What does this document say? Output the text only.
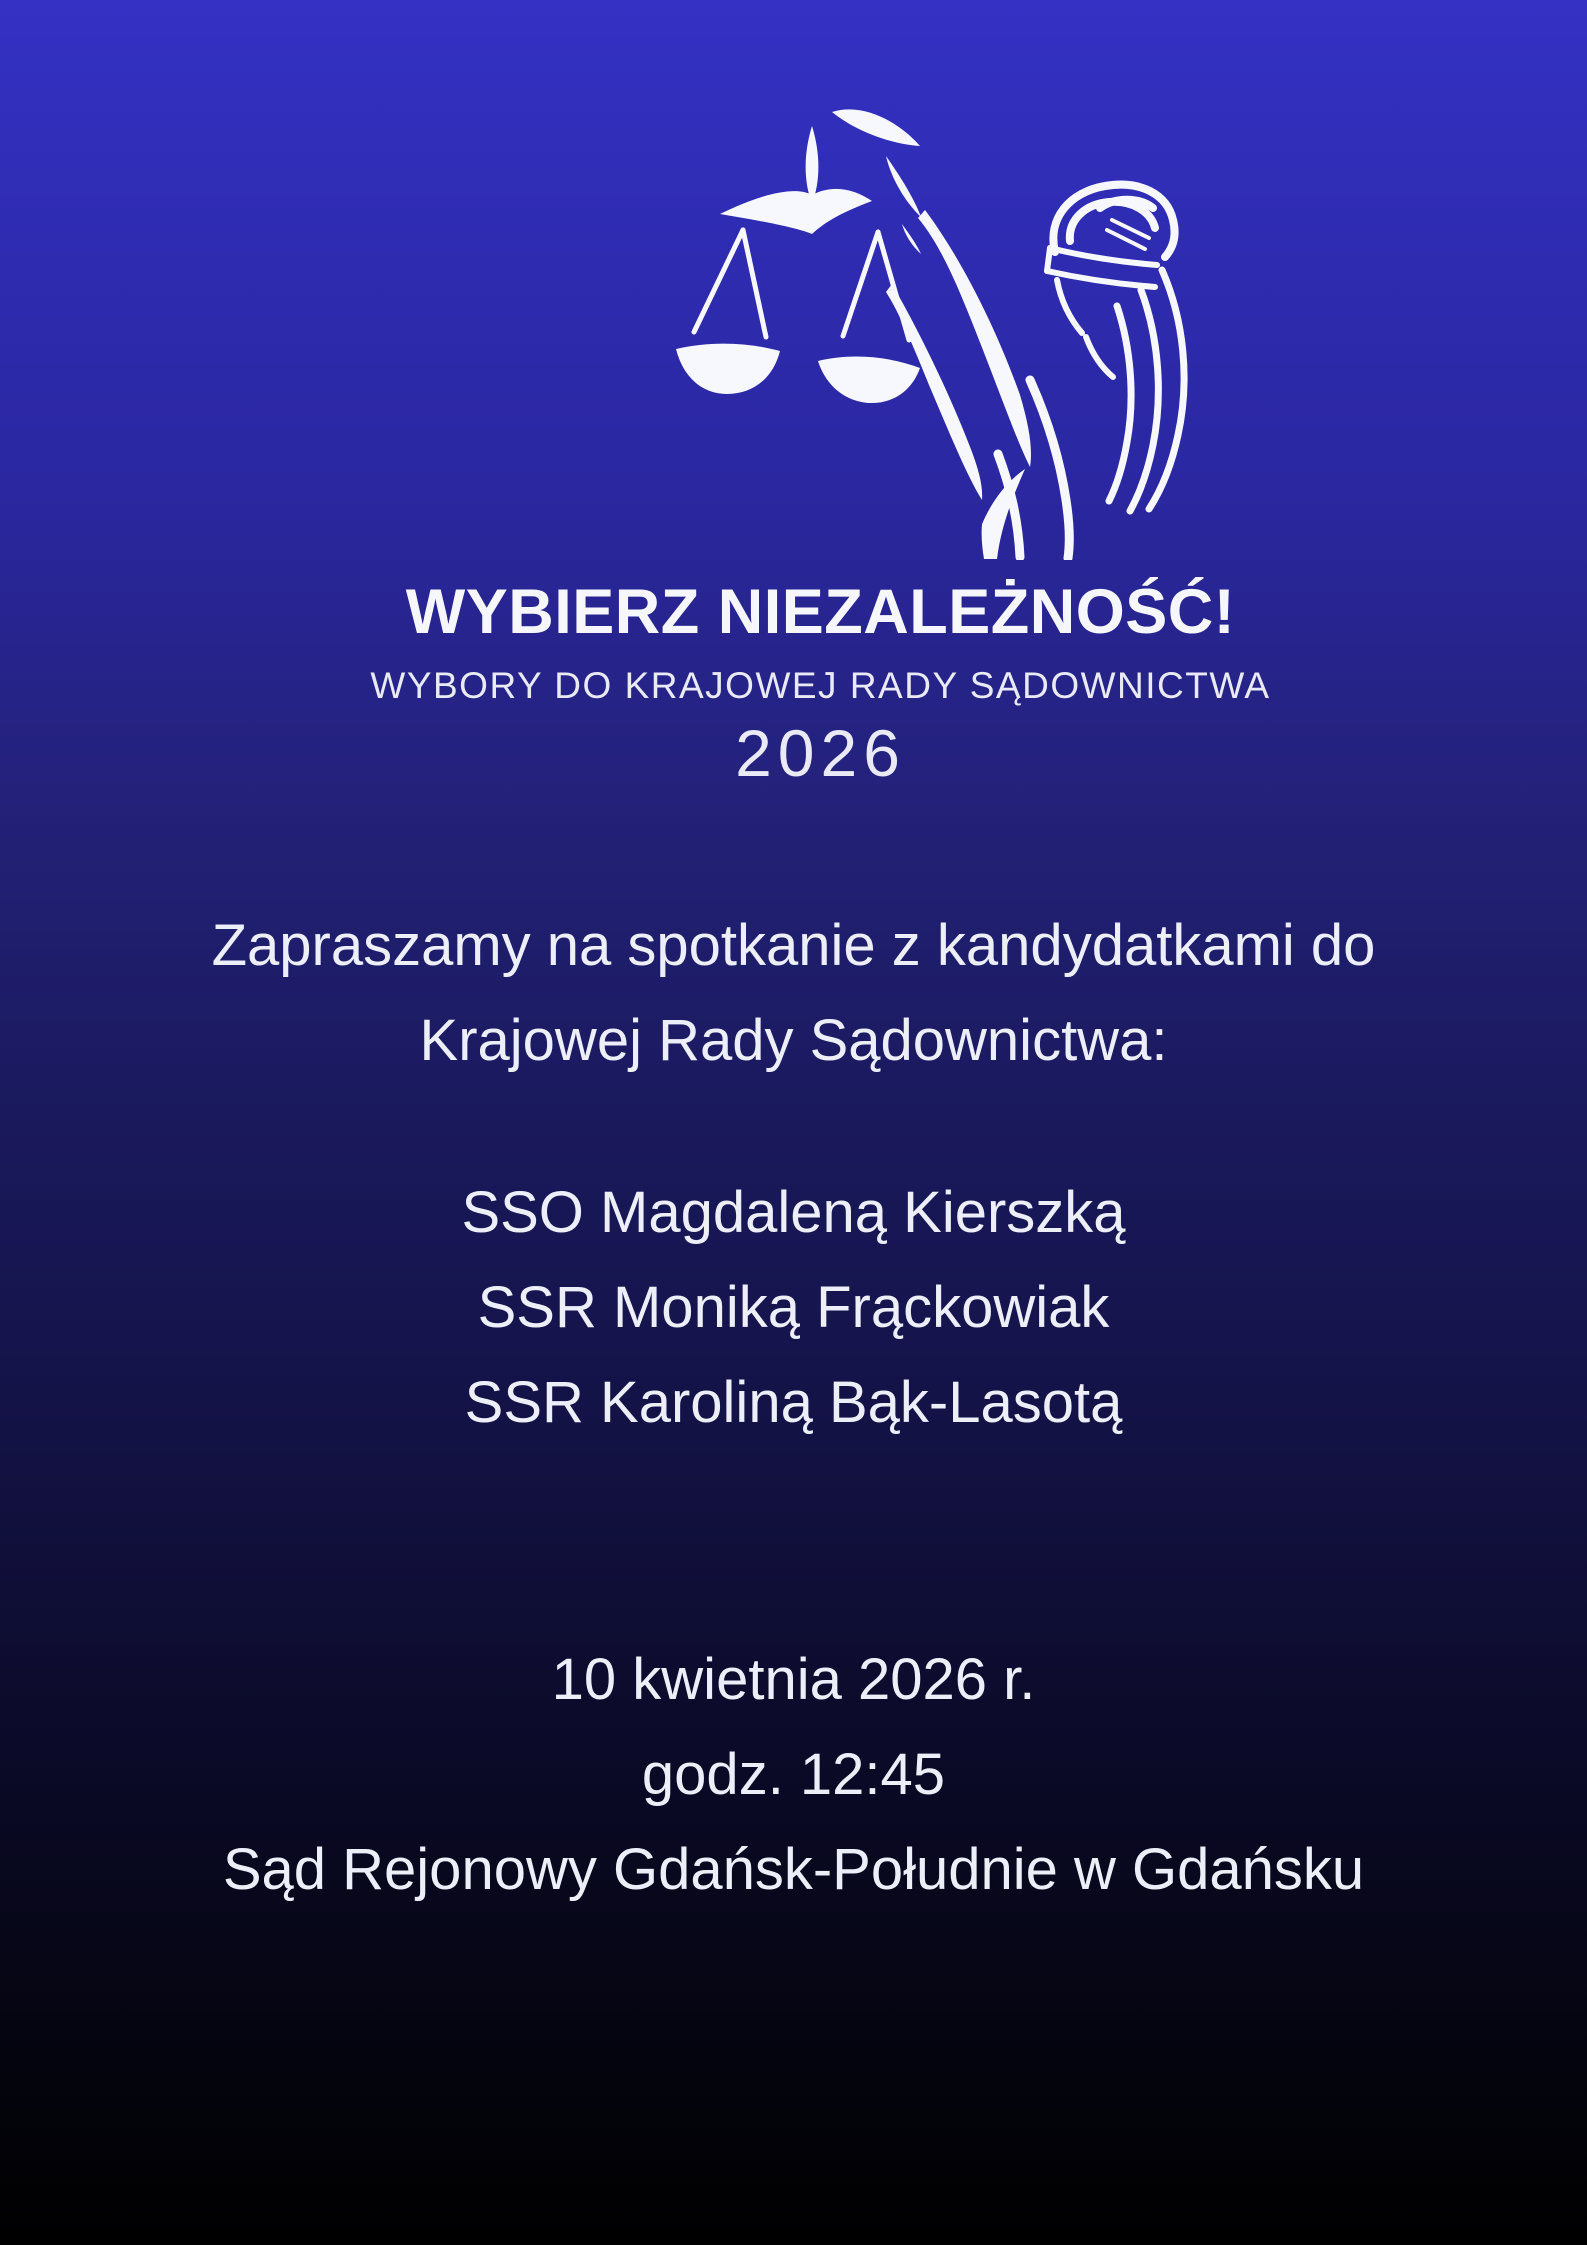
WYBIERZ NIEZALEŻNOŚĆ!
WYBORY DO KRAJOWEJ RADY SĄDOWNICTWA
2026
Zapraszamy na spotkanie z kandydatkami do
Krajowej Rady Sądownictwa:
SSO Magdaleną Kierszką
SSR Moniką Frąckowiak
SSR Karoliną Bąk-Lasotą
10 kwietnia 2026 r.
godz. 12:45
Sąd Rejonowy Gdańsk-Południe w Gdańsku
